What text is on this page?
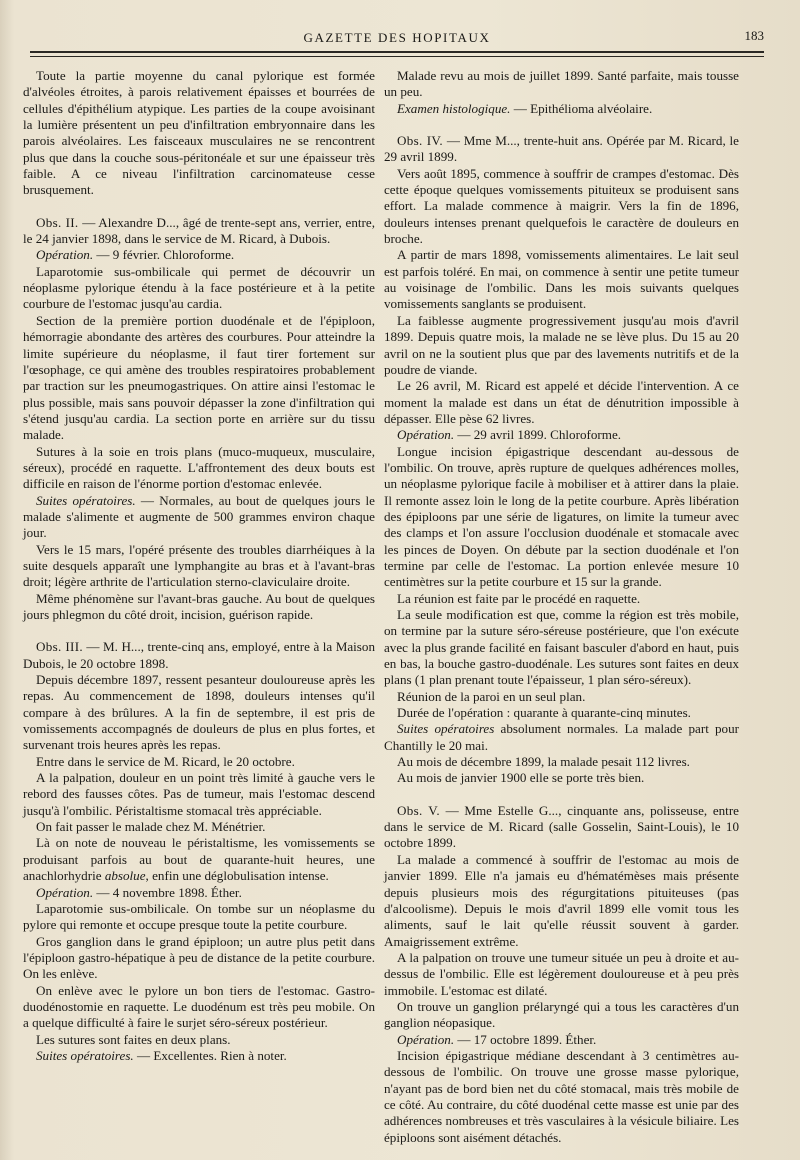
GAZETTE DES HOPITAUX	183

Toute la partie moyenne du canal pylorique est formée d'alvéoles étroites, à parois relativement épaisses et bourrées de cellules d'épithélium atypique. Les parties de la coupe avoisinant la lumière présentent un peu d'infiltration embryonnaire dans les parois alvéolaires. Les faisceaux musculaires ne se rencontrent plus que dans la couche sous-péritonéale et sur une épaisseur très faible. A ce niveau l'infiltration carcinomateuse cesse brusquement.

Obs. II. — Alexandre D..., âgé de trente-sept ans, verrier, entre, le 24 janvier 1898, dans le service de M. Ricard, à Dubois.

Opération. — 9 février. Chloroforme.

Laparotomie sus-ombilicale qui permet de découvrir un néoplasme pylorique étendu à la face postérieure et à la petite courbure de l'estomac jusqu'au cardia.

Section de la première portion duodénale et de l'épiploon, hémorragie abondante des artères des courbures. Pour atteindre la limite supérieure du néoplasme, il faut tirer fortement sur l'œsophage, ce qui amène des troubles respiratoires probablement par traction sur les pneumogastriques. On attire ainsi l'estomac le plus possible, mais sans pouvoir dépasser la zone d'infiltration qui s'étend jusqu'au cardia. La section porte en arrière sur du tissu malade.

Sutures à la soie en trois plans (muco-muqueux, musculaire, séreux), procédé en raquette. L'affrontement des deux bouts est difficile en raison de l'énorme portion d'estomac enlevée.

Suites opératoires. — Normales, au bout de quelques jours le malade s'alimente et augmente de 500 grammes environ chaque jour.

Vers le 15 mars, l'opéré présente des troubles diarrhéiques à la suite desquels apparaît une lymphangite au bras et à l'avant-bras droit; légère arthrite de l'articulation sterno-claviculaire droite.

Même phénomène sur l'avant-bras gauche. Au bout de quelques jours phlegmon du côté droit, incision, guérison rapide.

Obs. III. — M. H..., trente-cinq ans, employé, entre à la Maison Dubois, le 20 octobre 1898.

Depuis décembre 1897, ressent pesanteur douloureuse après les repas. Au commencement de 1898, douleurs intenses qu'il compare à des brûlures. A la fin de septembre, il est pris de vomissements accompagnés de douleurs de plus en plus fortes, et survenant trois heures après les repas.

Entre dans le service de M. Ricard, le 20 octobre.

A la palpation, douleur en un point très limité à gauche vers le rebord des fausses côtes. Pas de tumeur, mais l'estomac descend jusqu'à l'ombilic. Péristaltisme stomacal très appréciable.

On fait passer le malade chez M. Ménétrier.

Là on note de nouveau le péristaltisme, les vomissements se produisant parfois au bout de quarante-huit heures, une anachlorhydrie absolue, enfin une déglobulisation intense.

Opération. — 4 novembre 1898. Éther.

Laparotomie sus-ombilicale. On tombe sur un néoplasme du pylore qui remonte et occupe presque toute la petite courbure.

Gros ganglion dans le grand épiploon; un autre plus petit dans l'épiploon gastro-hépatique à peu de distance de la petite courbure. On les enlève.

On enlève avec le pylore un bon tiers de l'estomac. Gastro-duodénostomie en raquette. Le duodénum est très peu mobile. On a quelque difficulté à faire le surjet séro-séreux postérieur.

Les sutures sont faites en deux plans.

Suites opératoires. — Excellentes. Rien à noter.

Malade revu au mois de juillet 1899. Santé parfaite, mais tousse un peu.

Examen histologique. — Epithélioma alvéolaire.

Obs. IV. — Mme M..., trente-huit ans. Opérée par M. Ricard, le 29 avril 1899.

Vers août 1895, commence à souffrir de crampes d'estomac. Dès cette époque quelques vomissements pituiteux se produisent sans effort. La malade commence à maigrir. Vers la fin de 1896, douleurs intenses prenant quelquefois le caractère de douleurs en broche.

A partir de mars 1898, vomissements alimentaires. Le lait seul est parfois toléré. En mai, on commence à sentir une petite tumeur au voisinage de l'ombilic. Dans les mois suivants quelques vomissements sanglants se produisent.

La faiblesse augmente progressivement jusqu'au mois d'avril 1899. Depuis quatre mois, la malade ne se lève plus. Du 15 au 20 avril on ne la soutient plus que par des lavements nutritifs et de la poudre de viande.

Le 26 avril, M. Ricard est appelé et décide l'intervention. A ce moment la malade est dans un état de dénutrition impossible à dépasser. Elle pèse 62 livres.

Opération. — 29 avril 1899. Chloroforme.

Longue incision épigastrique descendant au-dessous de l'ombilic. On trouve, après rupture de quelques adhérences molles, un néoplasme pylorique facile à mobiliser et à attirer dans la plaie. Il remonte assez loin le long de la petite courbure. Après libération des épiploons par une série de ligatures, on limite la tumeur avec des clamps et l'on assure l'occlusion duodénale et stomacale avec les pinces de Doyen. On débute par la section duodénale et l'on termine par celle de l'estomac. La portion enlevée mesure 10 centimètres sur la petite courbure et 15 sur la grande.

La réunion est faite par le procédé en raquette.

La seule modification est que, comme la région est très mobile, on termine par la suture séro-séreuse postérieure, que l'on exécute avec la plus grande facilité en faisant basculer d'abord en haut, puis en bas, la bouche gastro-duodénale. Les sutures sont faites en deux plans (1 plan prenant toute l'épaisseur, 1 plan séro-séreux).

Réunion de la paroi en un seul plan.

Durée de l'opération : quarante à quarante-cinq minutes.

Suites opératoires absolument normales. La malade part pour Chantilly le 20 mai.

Au mois de décembre 1899, la malade pesait 112 livres.

Au mois de janvier 1900 elle se porte très bien.

Obs. V. — Mme Estelle G..., cinquante ans, polisseuse, entre dans le service de M. Ricard (salle Gosselin, Saint-Louis), le 10 octobre 1899.

La malade a commencé à souffrir de l'estomac au mois de janvier 1899. Elle n'a jamais eu d'hématémèses mais présente depuis plusieurs mois des régurgitations pituiteuses (pas d'alcoolisme). Depuis le mois d'avril 1899 elle vomit tous les aliments, sauf le lait qu'elle réussit souvent à garder. Amaigrissement extrême.

A la palpation on trouve une tumeur située un peu à droite et au-dessus de l'ombilic. Elle est légèrement douloureuse et à peu près immobile. L'estomac est dilaté.

On trouve un ganglion prélaryngé qui a tous les caractères d'un ganglion néopasique.

Opération. — 17 octobre 1899. Éther.

Incision épigastrique médiane descendant à 3 centimètres au-dessous de l'ombilic. On trouve une grosse masse pylorique, n'ayant pas de bord bien net du côté stomacal, mais très mobile de ce côté. Au contraire, du côté duodénal cette masse est unie par des adhérences nombreuses et très vasculaires à la vésicule biliaire. Les épiploons sont aisément détachés.
